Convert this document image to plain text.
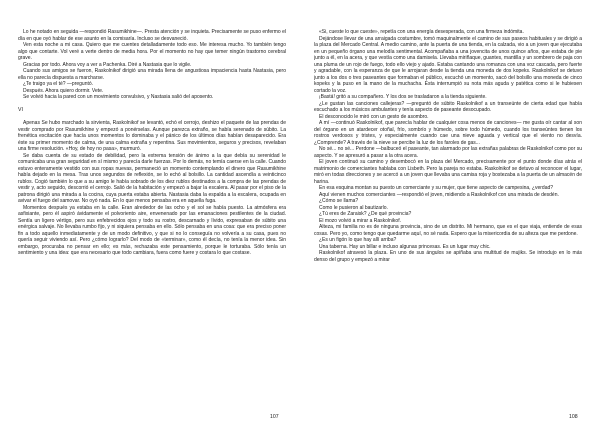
Lo he notado en seguida —respondió Rasumikhine—. Presta atención y se inquieta. Precisamente se puso enfermo el día en que oyó hablar de ese asunto en la comisaría. Incluso se desvaneció.

Ven esta noche a mi casa. Quiero que me cuentes detalladamente todo eso. Me interesa mucho. Yo también tengo algo que contarte. Vol veré a verte dentro de media hora. Por el momento no hay que temer ningún trastorno cerebral grave.

Gracias por todo. Ahora voy a ver a Pachenka. Diré a Nastasia que lo vigile.

Cuando sus amigos se fueron, Raskolnikof dirigió una mirada llena de angustiosa impaciencia hasta Nastasia, pero ella no parecía dispuesta a marcharse.

¿Te traigo ya el té? —preguntó.

Después. Ahora quiero dormir. Vete.

Se volvió hacia la pared con un movimiento convulsivo, y Nastasia salió del aposento.

VI

Apenas Se hubo marchado la sirvienta, Raskolnikof se levantó, echó el cerrojo, deshizo el paquete de las prendas de vestir comprado por Rasumikhine y empezó a ponérselas. Aunque parezca extraño, se había serenado de súbito. La frenética excitación que hacía unos momentos lo dominaba y el pánico de los últimos días habían desaparecido. Era éste su primer momento de calma, de una calma extraña y repentina. Sus movimientos, seguros y precisos, revelaban una firme resolución. «Hoy, de hoy no pasa», murmuró.

Se daba cuenta de su estado de debilidad, pero la extrema tensión de ánimo a la que debía su serenidad le comunicaba una gran seguridad en sí mismo y parecía darle fuerzas. Por lo demás, no temía caerse en la calle. Cuando estuvo enteramente vestido con sus ropas nuevas, permaneció un momento contemplando el dinero que Rasumikhine había dejado en la mesa. Tras unos segundos de reflexión, se lo echó al bolsillo. La cantidad ascendía a veinticinco rublos. Cogió también lo que a su amigo le había sobrado de los diez rublos destinados a la compra de las prendas de vestir y, acto seguido, descorrió el cerrojo. Salió de la habitación y empezó a bajar la escalera. Al pasar por el piso de la patrona dirigió una mirada a la cocina, cuya puerta estaba abierta. Nastasia daba la espalda a la escalera, ocupada en avivar el fuego del samovar. No oyó nada. En lo que menos pensaba era en aquella fuga.

Momentos después ya estaba en la calle. Eran alrededor de las ocho y el sol se había puesto. La atmósfera era asfixiante, pero él aspiró ávidamente el polvoriento aire, envenenado por las emanaciones pestilentes de la ciudad. Sentía un ligero vértigo, pero sus enfebrecidos ojos y todo su rostro, descarnado y lívido, expresaban de súbito una enérgica salvaje. No llevaba rumbo fijo, y ni siquiera pensaba en ello. Sólo pensaba en una cosa: que era preciso poner fin a todo aquello inmediatamente y de un modo definitivo, y que si no lo conseguía no volvería a su casa, pues no quería seguir viviendo así. Pero ¿cómo lograrlo? Del modo de «terminar», como él decía, no tenía la menor idea. Sin embargo, procuraba no pensar en ello; es más, rechazaba este pensamiento, porque le torturaba. Sólo tenía un sentimiento y una idea: que era necesario que todo cambiara, fuera como fuere y costara lo que costase.

107

«Si, cueste lo que cueste», repetía con una energía desesperada, con una firmeza indómita.

Dejándose llevar de una arraigada costumbre, tomó maquinalmente el camino de sus paseos habituales y se dirigió a la plaza del Mercado Central. A medio camino, ante la puerta de una tienda, en la calzada, vio a un joven que ejecutaba en un pequeño órgano una melodía sentimental. Acompañaba a una jovencita de unos quince años, que estaba de pie junto a él, en la acera, y que vestía como una damisela. Llevaba miriñaque, guantes, mantilla y un sombrero de paja con una pluma de un rojo de fuego, todo ello viejo y ajado. Estaba cantando una romanza con una voz cascada, pero fuerte y agradable, con la esperanza de que le arrojaran desde la tienda una moneda de dos kopeks. Raskolnikof se detuvo junto a los dos o tres paseantes que formaban el público, escuchó un momento, sacó del bolsillo una moneda de cinco kopeks y la puso en la mano de la muchacha. Ésta interrumpió su nota más aguda y patética como si le hubiesen cortado la voz.

¡Bastá! gritó a su compañero. Y los dos se trasladaron a la tienda siguiente.

¿Le gustan las canciones callejeras? —preguntó de súbito Raskolnikof a un transeúnte de cierta edad que había escuchado a los músicos ambulantes y tenía aspecto de paseante desocupado.

El desconocido le miró con un gesto de asombro.

A mí —continuó Raskolnikof, que parecía hablar de cualquier cosa menos de canciones— me gusta oír cantar al son del órgano en un atardecer otoñal, frío, sombrío y húmedo, sobre todo húmedo, cuando los transeúntes tienen los rostros verdosos y tristes, y especialmente cuando cae una nieve aguada y vertical que el viento no desvía. ¿Comprende? A través de la nieve se percibe la luz de los faroles de gas...

No sé... no sé... Perdone —balbuceó el paseante, tan alarmado por las extrañas palabras de Raskolnikof como por su aspecto. Y se apresuró a pasar a la otra acera.

El joven continuó su camino y desembocó en la plaza del Mercado, precisamente por el punto donde días atrás el matrimonio de comerciantes hablaba con Lisbeth. Pero la pareja no estaba. Raskolnikof se detuvo al reconocer el lugar, miró en todas direcciones y se acercó a un joven que llevaba una camisa roja y bostezaba a la puerta de un almacén de harina.

En esa esquina montan su puesto un comerciante y su mujer, que tiene aspecto de campesina, ¿verdad?

Aquí vienen muchos comerciantes —respondió el joven, midiendo a Raskolnikof con una mirada de desdén.

¿Cómo se llama?

Como le pusieron al bautizarlo.

¿Tú eres de Zaraisk? ¿De qué provincia?

El mozo volvió a mirar a Raskolnikof.

Alteza, mi familia no es de ninguna provincia, sino de un distrito. Mi hermano, que es el que viaja, entiende de esas cosas. Pero yo, como tengo que quedarme aquí, no sé nada. Espero que la misericordia de su alteza que me perdone.

¿Es un figón lo que hay allí arriba?

Una taberna. Hay un billar e incluso algunas princesas. Es un lugar muy chic.

Raskolnikof atravesó la plaza. En uno de sus ángulos se apiñaba una multitud de mujiks. Se introdujo en lo más denso del grupo y empezó a mirar

108
